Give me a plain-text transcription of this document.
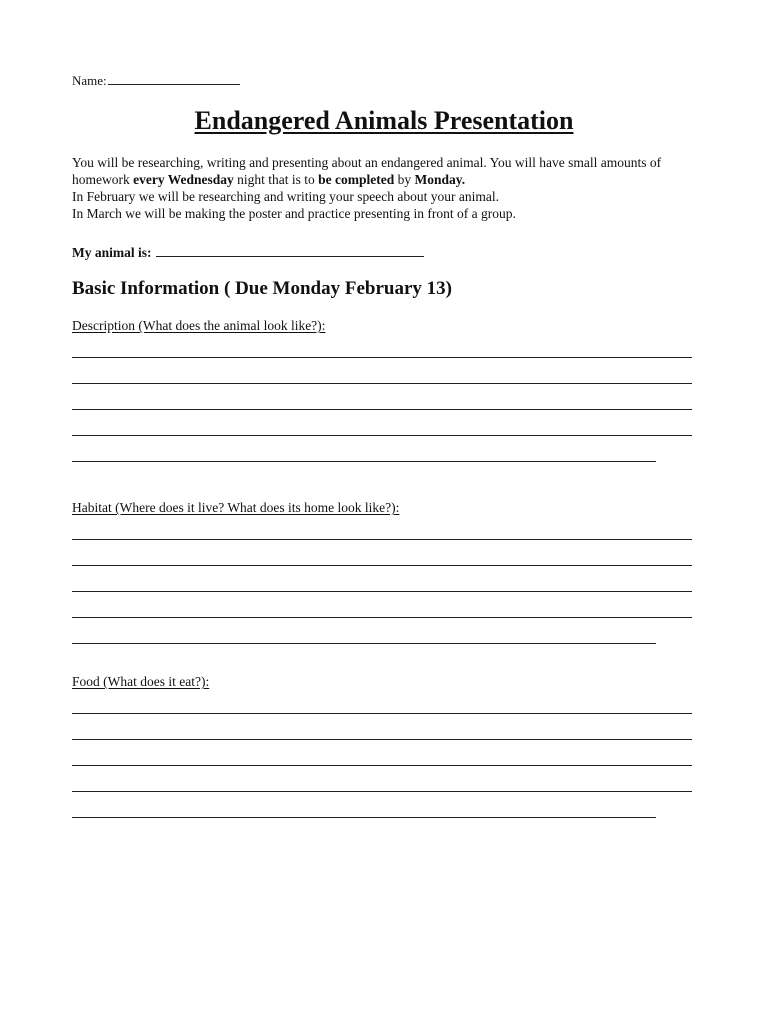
Name:
Endangered Animals Presentation

You will be researching, writing and presenting about an endangered animal. You will have small amounts of homework every Wednesday night that is to be completed by Monday.

In February we will be researching and writing your speech about your animal.

In March we will be making the poster and practice presenting in front of a group.

My animal is:
Basic Information ( Due Monday February 13)
Description (What does the animal look like?):
Habitat (Where does it live? What does its home look like?):
Food (What does it eat?):
